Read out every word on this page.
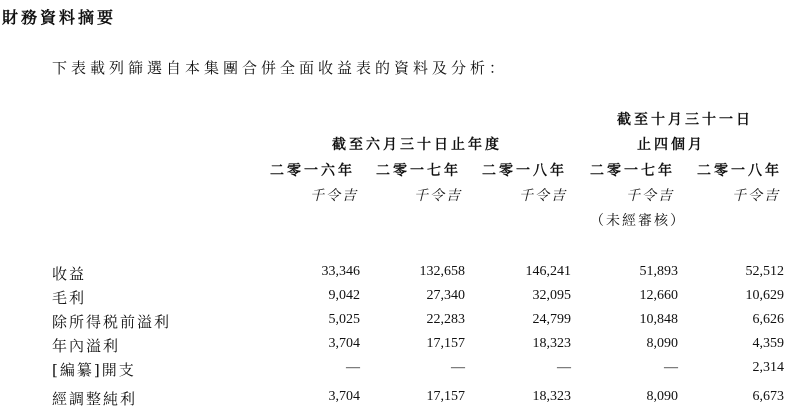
財務資料摘要
下表載列篩選自本集團合併全面收益表的資料及分析：
截至六月三十日止年度
截至十月三十一日
止四個月
二零一六年 二零一七年 二零一八年 二零一七年 二零一八年
千令吉	千令吉	千令吉	千令吉	千令吉
（未經審核）
收益	33,346	132,658	146,241	51,893	52,512
毛利	9,042	27,340	32,095	12,660	10,629
除所得税前溢利	5,025	22,283	24,799	10,848	6,626
年內溢利	3,704	17,157	18,323	8,090	4,359
[編纂]開支	—	—	—	—	2,314
經調整純利	3,704	17,157	18,323	8,090	6,673
